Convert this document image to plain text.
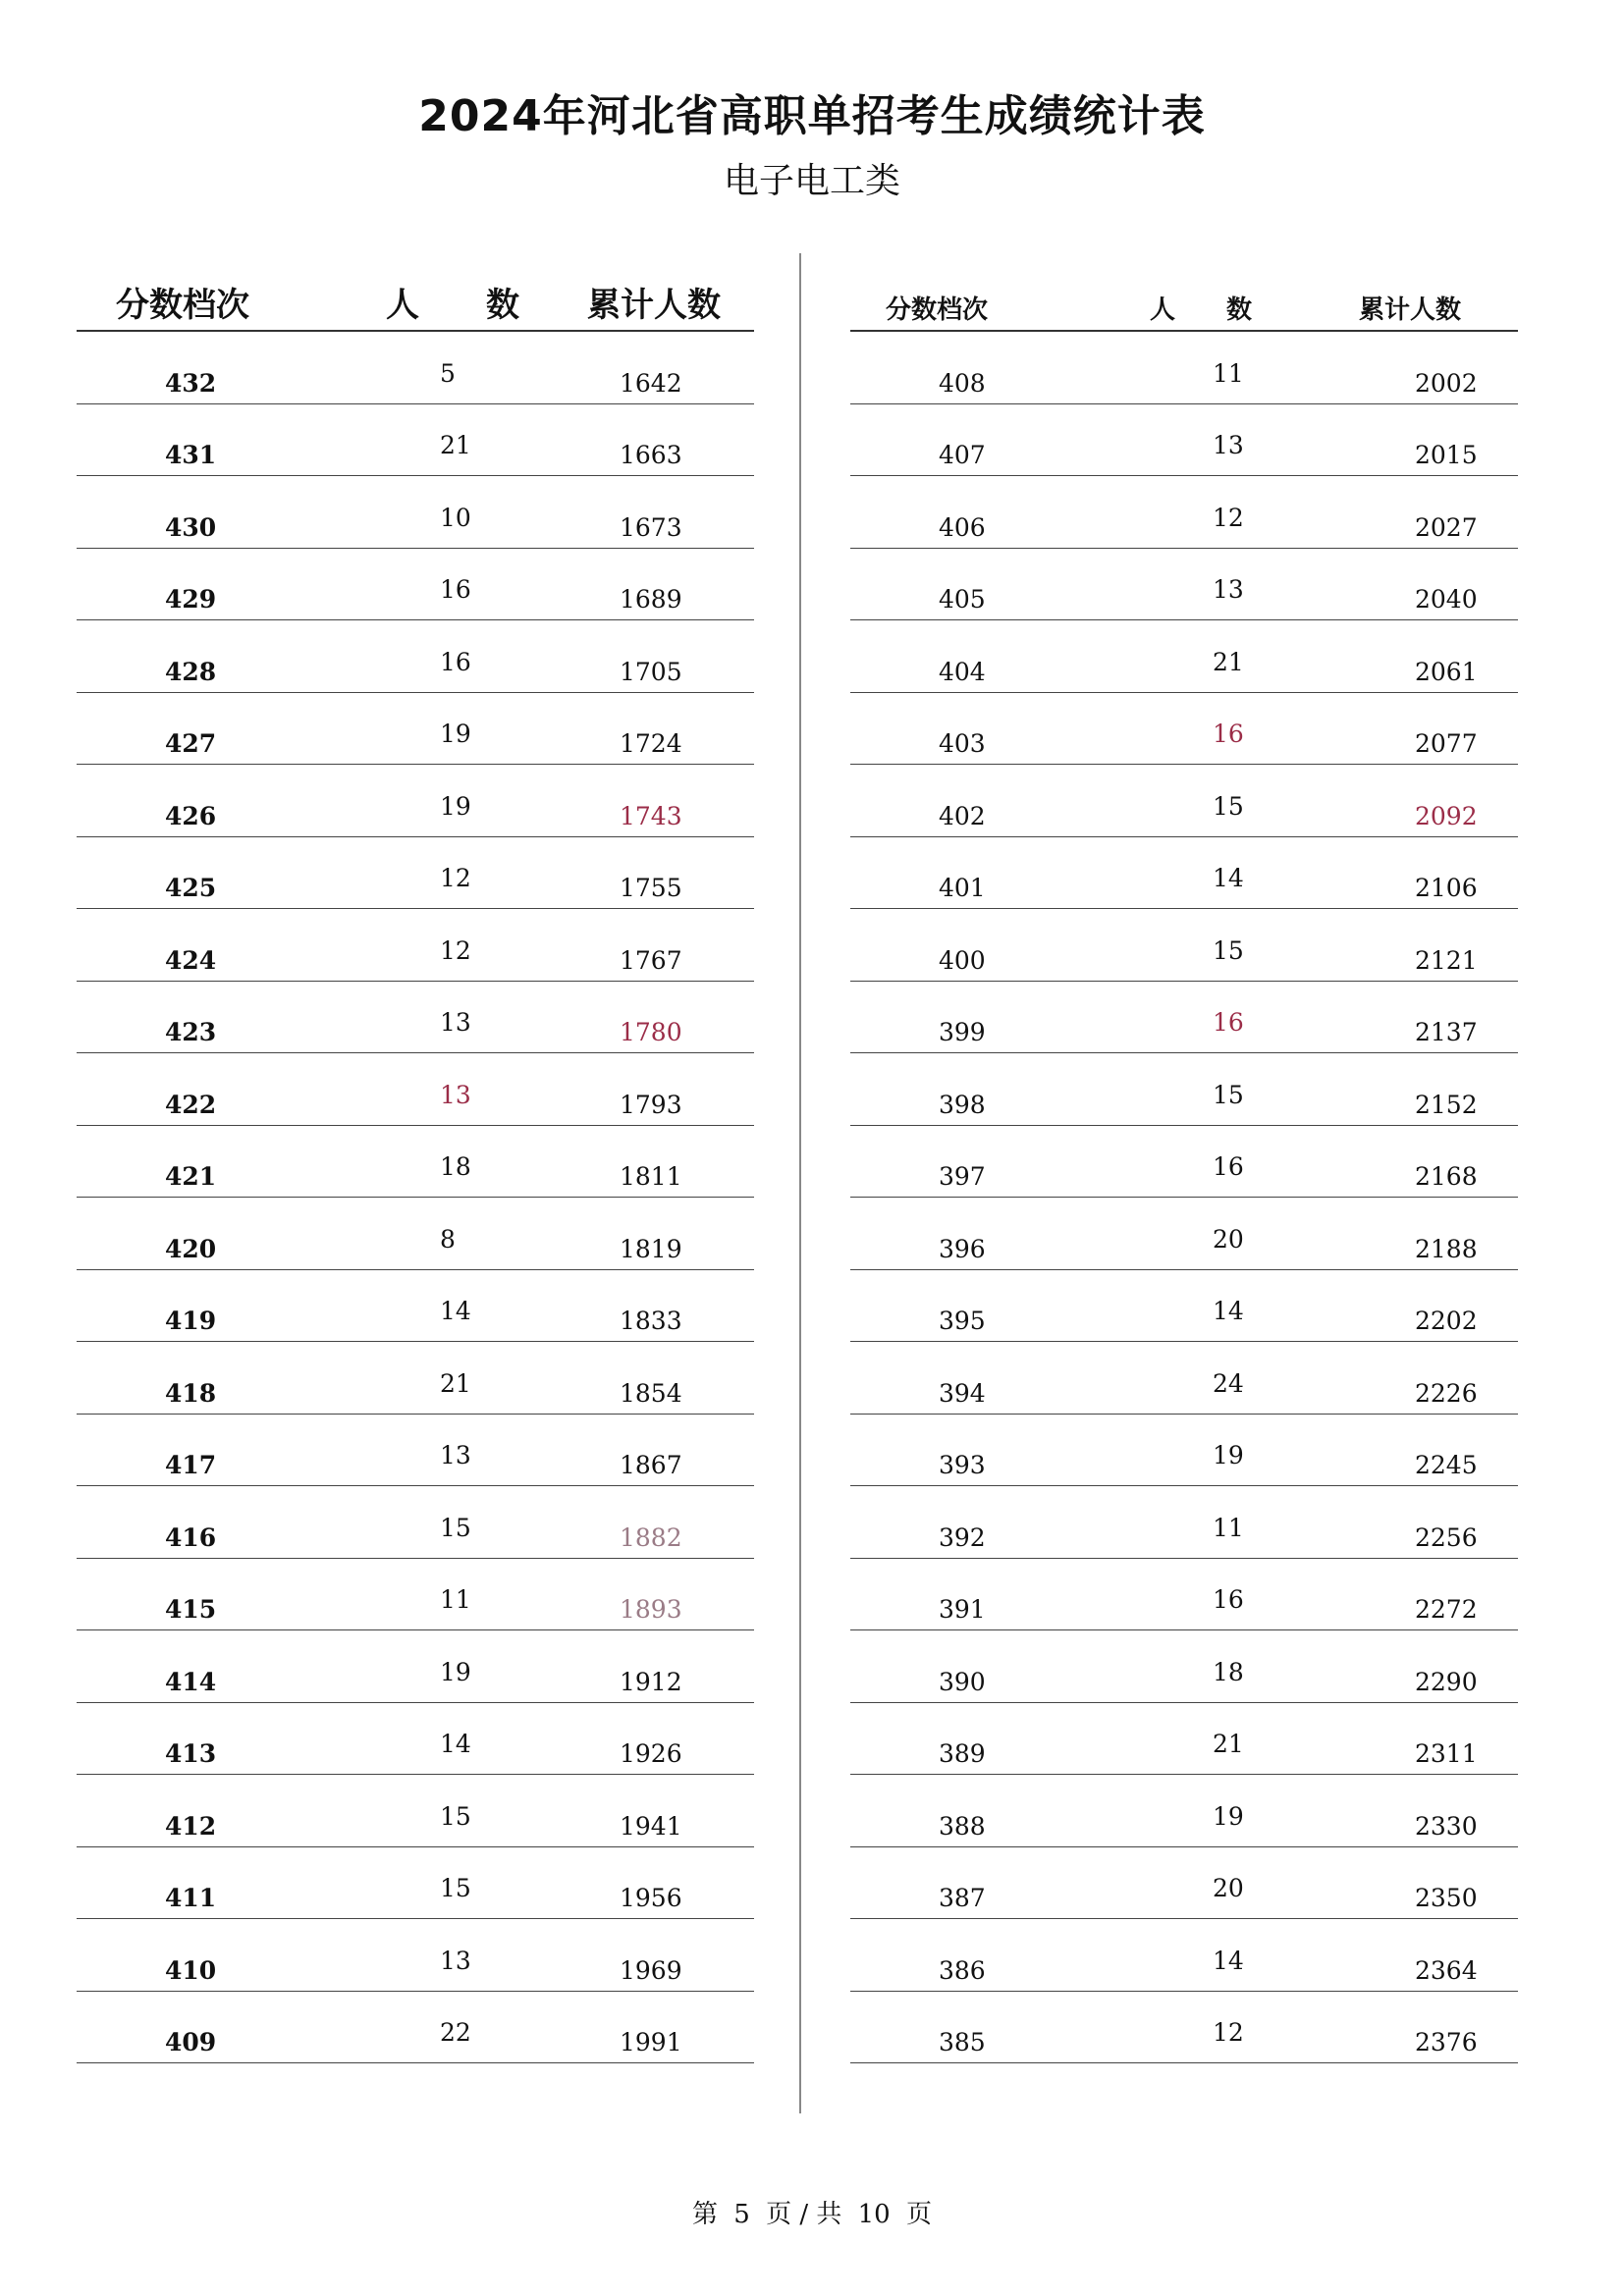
2024年河北省高职单招考生成绩统计表
电子电工类
分数档次	人　　数 累计人数
432	5	1642
431	21	1663
430	10	1673
429	16	1689
428	16	1705
427	19	1724
426	19	1743
425	12	1755
424	12	1767
423	13	1780
422	13	1793
421	18	1811
420	8	1819
419	14	1833
418	21	1854
417	13	1867
416	15	1882
415	11	1893
414	19	1912
413	14	1926
412	15	1941
411	15	1956
410	13	1969
409	22	1991
分数档次	人　　数	累计人数
408	11	2002
407	13	2015
406	12	2027
405	13	2040
404	21	2061
403	16	2077
402	15	2092
401	14	2106
400	15	2121
399	16	2137
398	15	2152
397	16	2168
396	20	2188
395	14	2202
394	24	2226
393	19	2245
392	11	2256
391	16	2272
390	18	2290
389	21	2311
388	19	2330
387	20	2350
386	14	2364
385	12	2376
第 5 页 / 共 10 页
